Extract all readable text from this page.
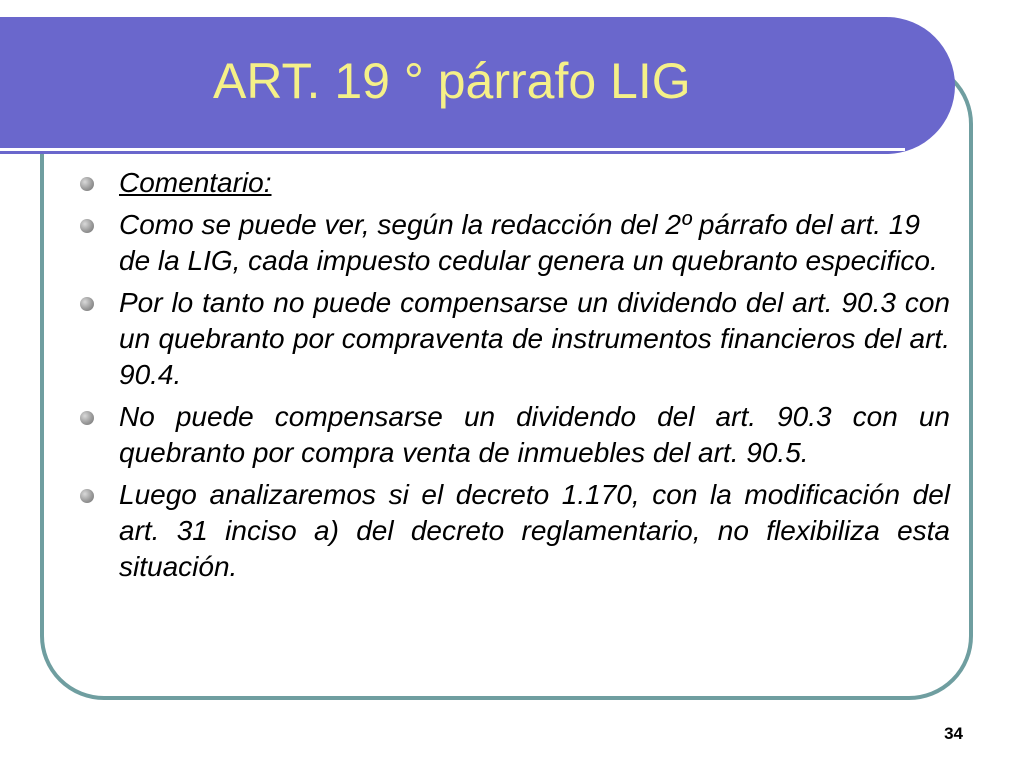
ART. 19 ° párrafo LIG
Comentario:
Como se puede ver, según la redacción del 2º párrafo del art. 19 de la LIG, cada impuesto cedular genera un quebranto especifico.
Por lo tanto no puede compensarse un dividendo del art. 90.3 con un quebranto por compraventa de instrumentos financieros del art. 90.4.
No puede compensarse un dividendo del art. 90.3 con un quebranto por compra venta de inmuebles del art. 90.5.
Luego analizaremos si el decreto 1.170, con la modificación del art. 31 inciso a) del decreto reglamentario, no flexibiliza esta situación.
34
